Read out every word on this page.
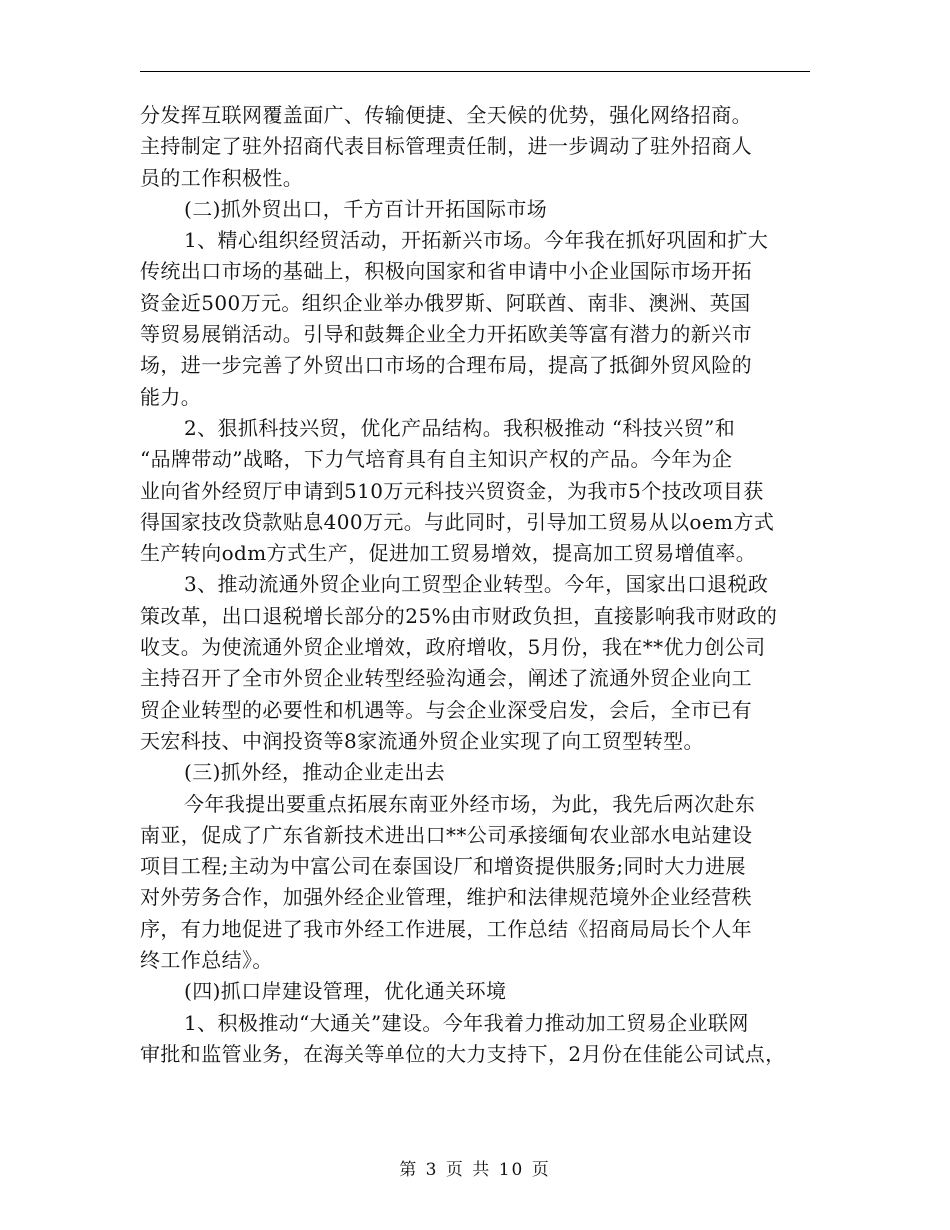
分发挥互联网覆盖面广、传输便捷、全天候的优势，强化网络招商。
主持制定了驻外招商代表目标管理责任制，进一步调动了驻外招商人
员的工作积极性。
(二)抓外贸出口，千方百计开拓国际市场
1、精心组织经贸活动，开拓新兴市场。今年我在抓好巩固和扩大
传统出口市场的基础上，积极向国家和省申请中小企业国际市场开拓
资金近500万元。组织企业举办俄罗斯、阿联酋、南非、澳洲、英国
等贸易展销活动。引导和鼓舞企业全力开拓欧美等富有潜力的新兴市
场，进一步完善了外贸出口市场的合理布局，提高了抵御外贸风险的
能力。
2、狠抓科技兴贸，优化产品结构。我积极推动 “科技兴贸”和
“品牌带动”战略，下力气培育具有自主知识产权的产品。今年为企
业向省外经贸厅申请到510万元科技兴贸资金，为我市5个技改项目获
得国家技改贷款贴息400万元。与此同时，引导加工贸易从以oem方式
生产转向odm方式生产，促进加工贸易增效，提高加工贸易增值率。
3、推动流通外贸企业向工贸型企业转型。今年，国家出口退税政
策改革，出口退税增长部分的25%由市财政负担，直接影响我市财政的
收支。为使流通外贸企业增效，政府增收，5月份，我在**优力创公司
主持召开了全市外贸企业转型经验沟通会，阐述了流通外贸企业向工
贸企业转型的必要性和机遇等。与会企业深受启发，会后，全市已有
天宏科技、中润投资等8家流通外贸企业实现了向工贸型转型。
(三)抓外经，推动企业走出去
今年我提出要重点拓展东南亚外经市场，为此，我先后两次赴东
南亚，促成了广东省新技术进出口**公司承接缅甸农业部水电站建设
项目工程;主动为中富公司在泰国设厂和增资提供服务;同时大力进展
对外劳务合作，加强外经企业管理，维护和法律规范境外企业经营秩
序，有力地促进了我市外经工作进展，工作总结《招商局局长个人年
终工作总结》。
(四)抓口岸建设管理，优化通关环境
1、积极推动“大通关”建设。今年我着力推动加工贸易企业联网
审批和监管业务，在海关等单位的大力支持下，2月份在佳能公司试点，
第 3 页 共 10 页
